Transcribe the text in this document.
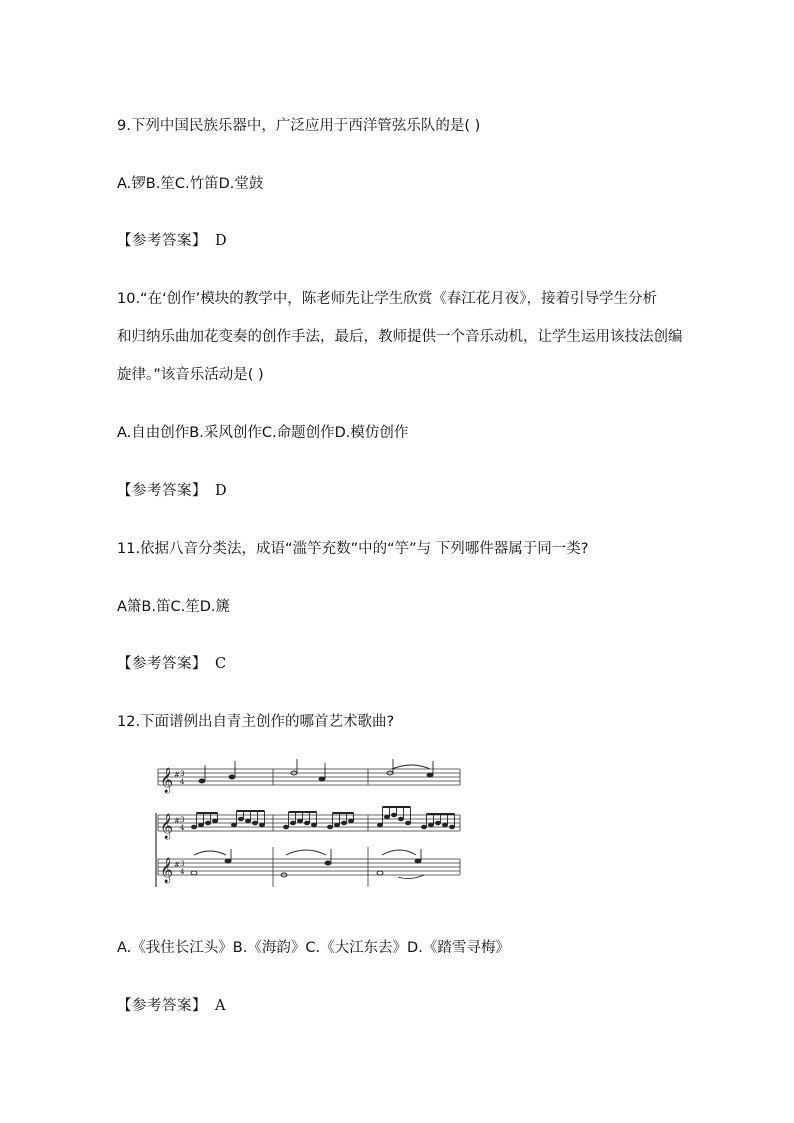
9.下列中国民族乐器中，广泛应用于西洋管弦乐队的是( )
A.锣B.笙C.竹笛D.堂鼓
【参考答案】 D
10.“在‘创作’模块的教学中，陈老师先让学生欣赏《春江花月夜》，接着引导学生分析
和归纳乐曲加花变奏的创作手法，最后，教师提供一个音乐动机，让学生运用该技法创编
旋律。”该音乐活动是( )
A.自由创作B.采风创作C.命题创作D.模仿创作
【参考答案】 D
11.依据八音分类法，成语“滥竽充数”中的“竽”与 下列哪件器属于同一类?
A箫B.笛C.笙D.篪
【参考答案】 C
12.下面谱例出自青主创作的哪首艺术歌曲?
𝄞
𝄞
𝄞
#
#
#
3
4
3
4
3
4
A.《我住长江头》B.《海韵》C.《大江东去》D.《踏雪寻梅》
【参考答案】 A
